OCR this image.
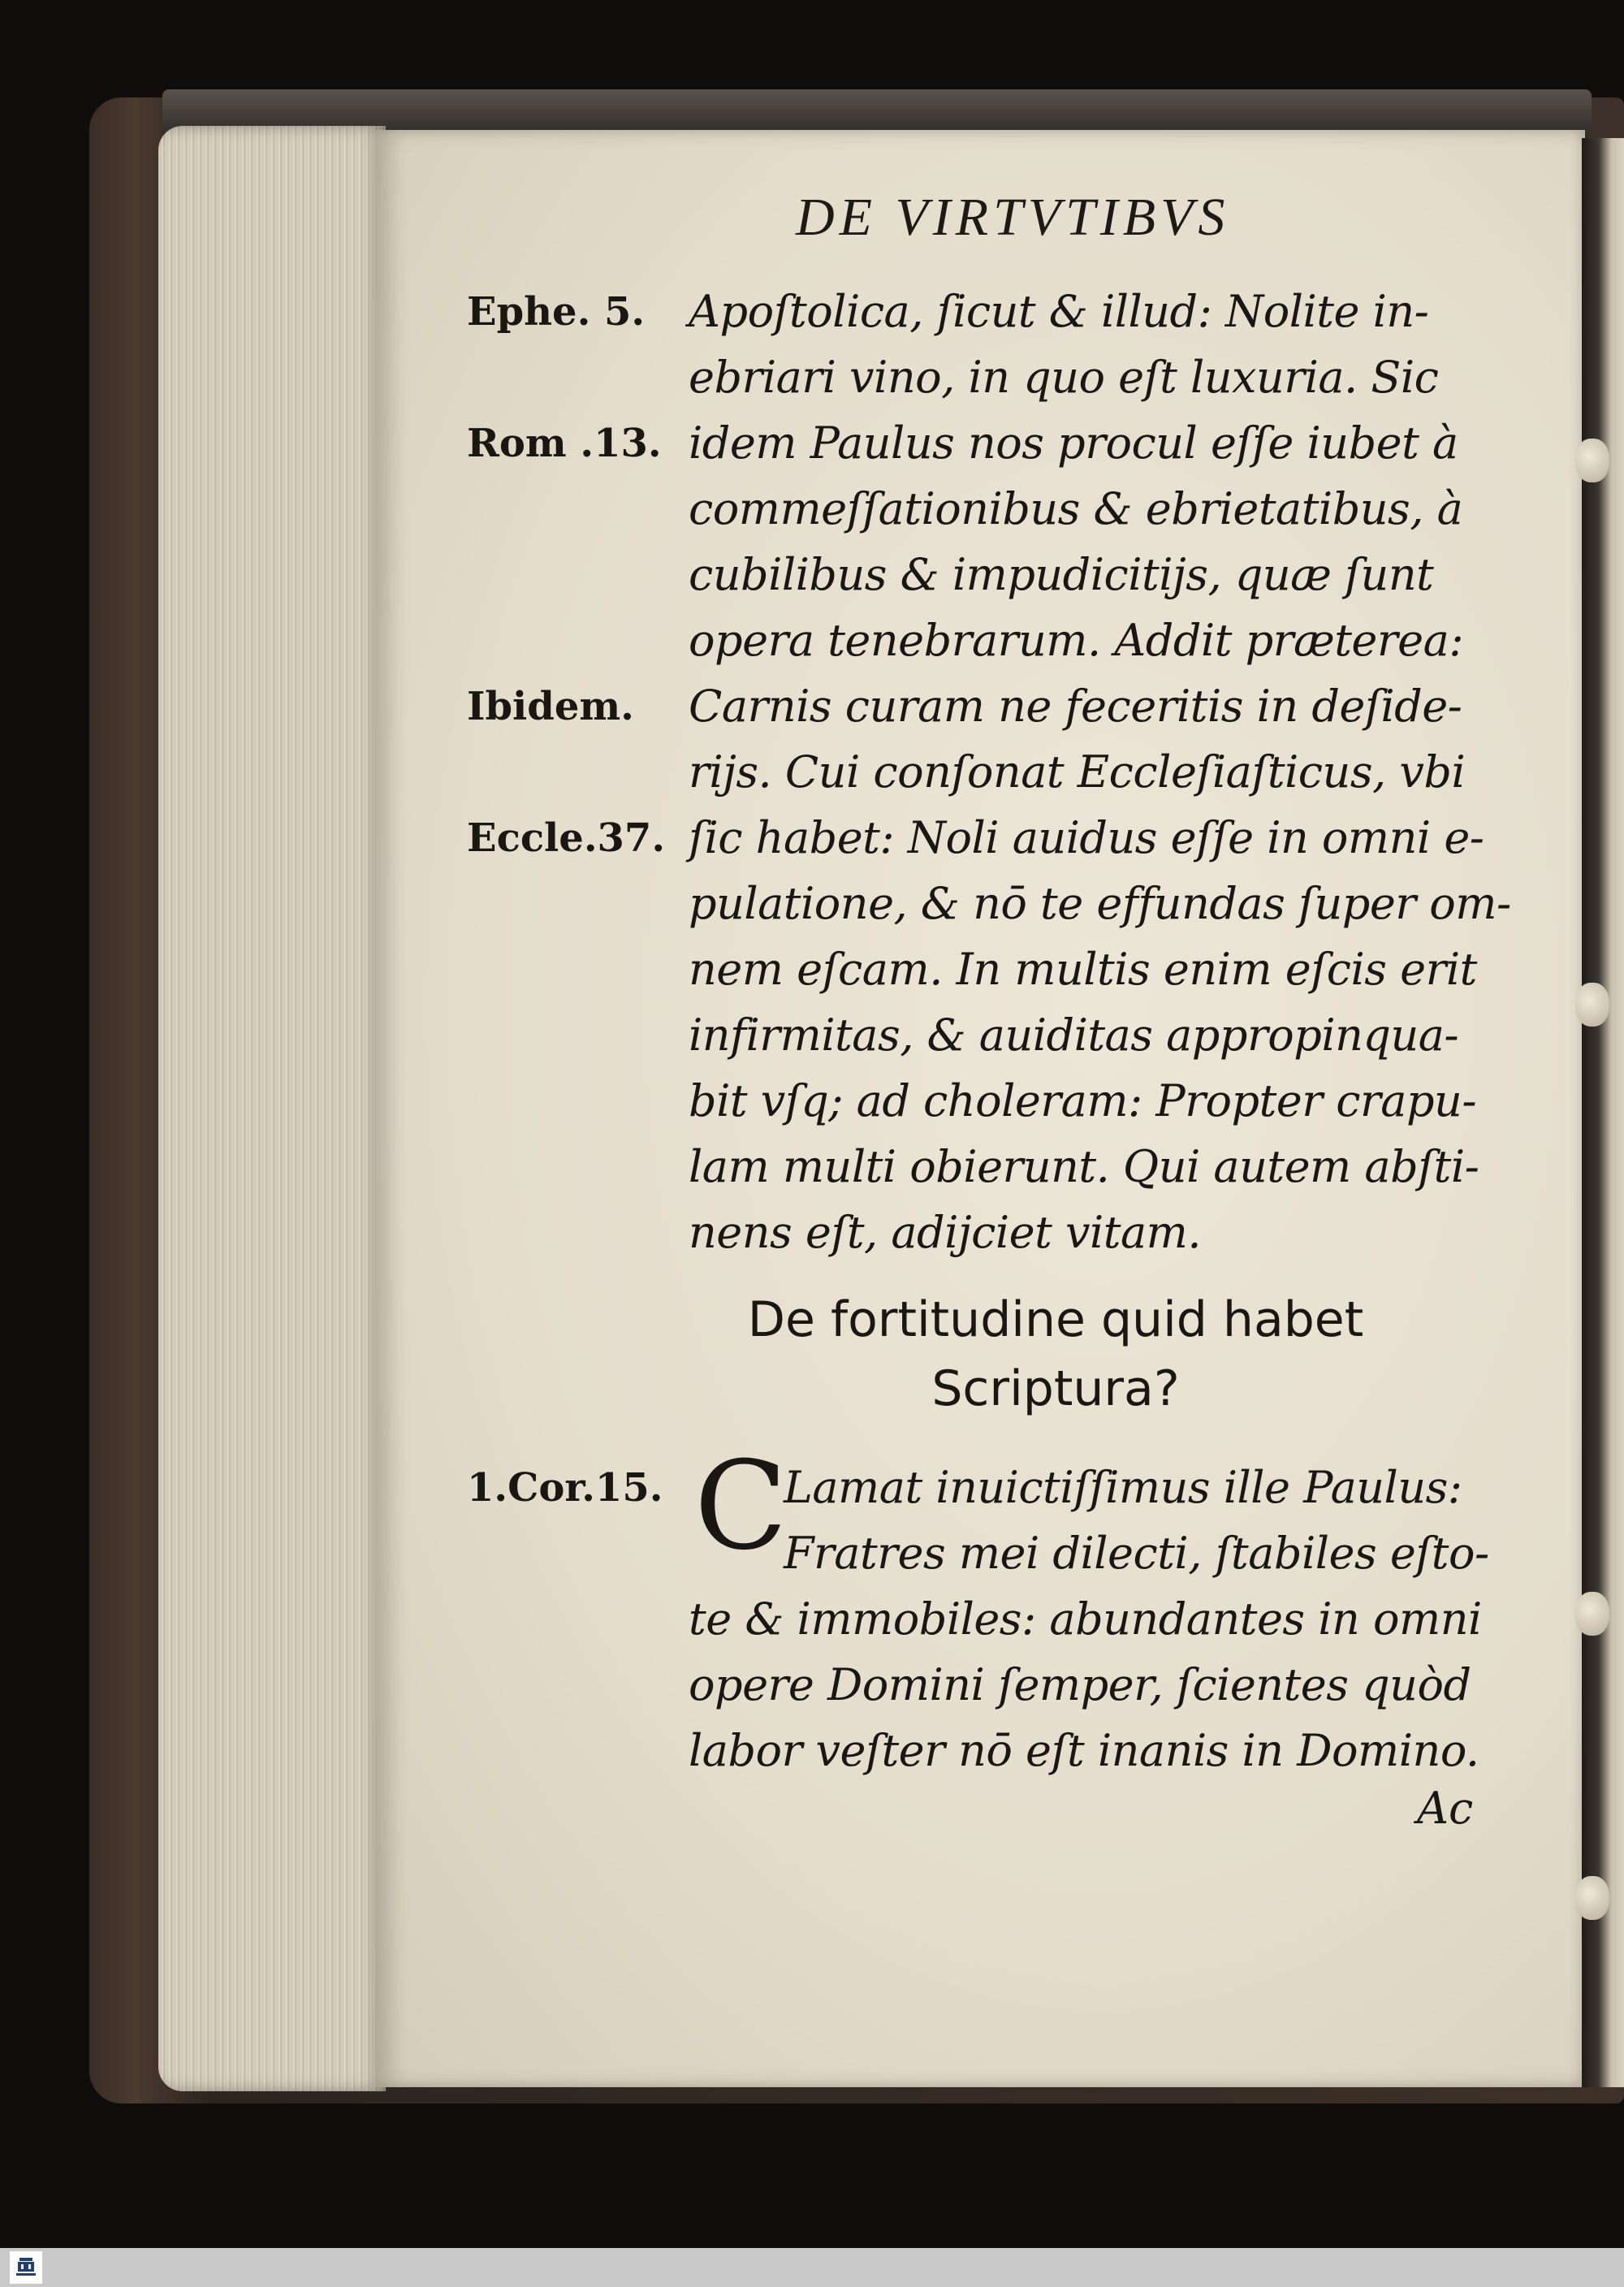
DE VIRTVTIBVS
Ephe. 5.
Rom .13.
Ibidem.
Eccle.37.
1.Cor.15.
Apoſtolica, ſicut & illud: Nolite in-
ebriari vino, in quo eſt luxuria. Sic
idem Paulus nos procul eſſe iubet à
commeſſationibus & ebrietatibus, à
cubilibus & impudicitijs, quæ ſunt
opera tenebrarum. Addit præterea:
Carnis curam ne feceritis in deſide-
rijs. Cui conſonat Eccleſiaſticus, vbi
ſic habet: Noli auidus eſſe in omni e-
pulatione, & nō te effundas ſuper om-
nem eſcam. In multis enim eſcis erit
infirmitas, & auiditas appropinqua-
bit vſq; ad choleram: Propter crapu-
lam multi obierunt. Qui autem abſti-
nens eſt, adijciet vitam.
De fortitudine quid habet
Scriptura?
C
Lamat inuictiſſimus ille Paulus:
Fratres mei dilecti, ſtabiles eſto-
te & immobiles: abundantes in omni
opere Domini ſemper, ſcientes quòd
labor veſter nō eſt inanis in Domino.
Ac
